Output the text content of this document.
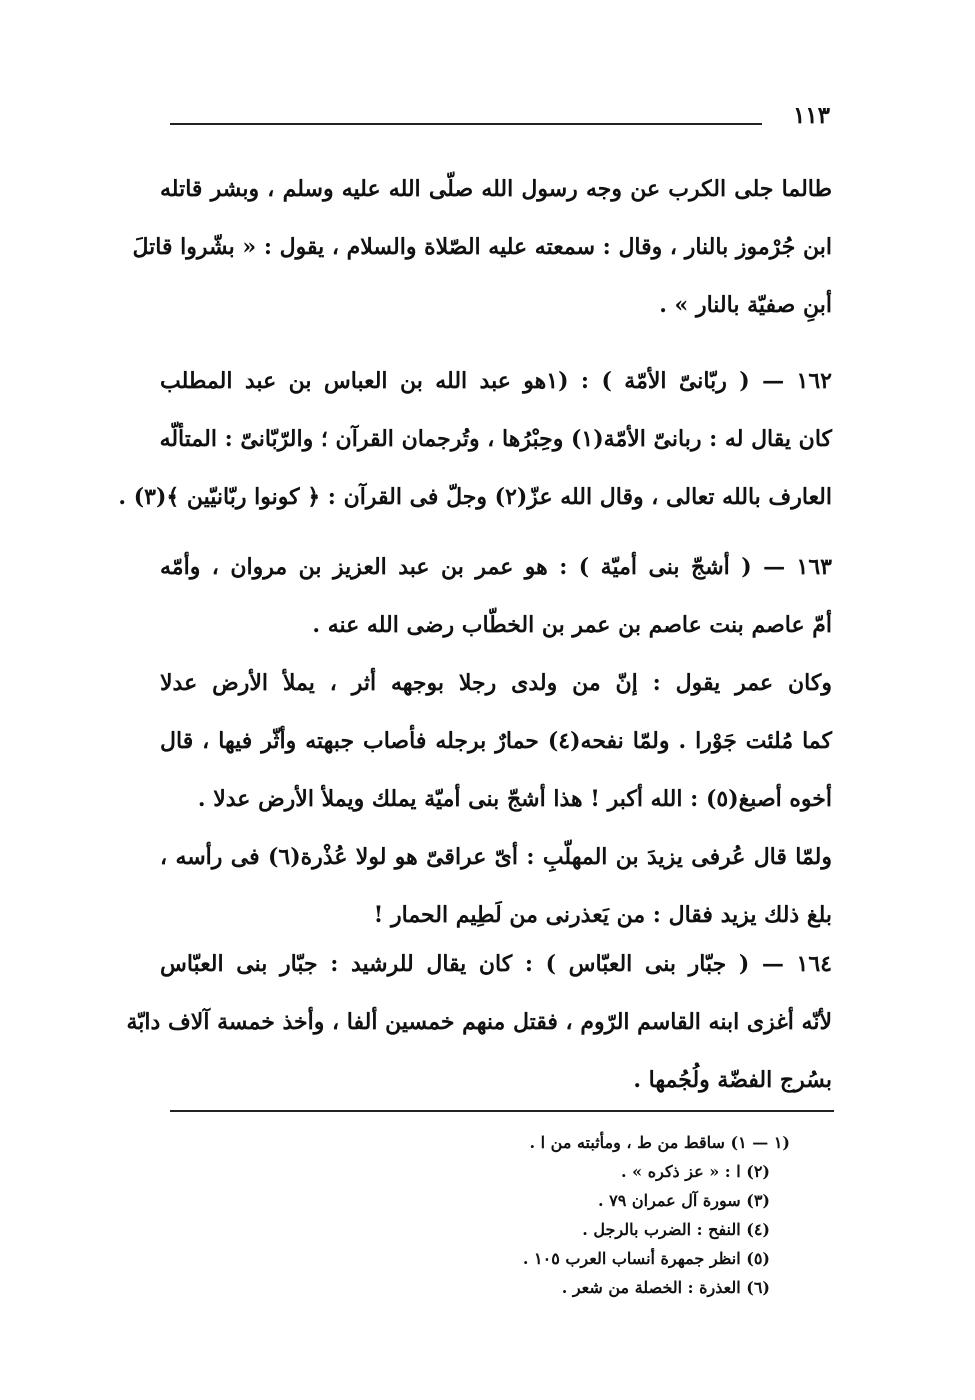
١١٣

طالما جلى الكرب عن وجه رسول الله صلّى الله عليه وسلم ، وبشر قاتله

ابن جُرْموز بالنار ، وقال : سمعته عليه الصّلاة والسلام ، يقول : « بشّروا قاتلَ

أبنِ صفيّة بالنار » .

١٦٢ — ( ربّانىّ الأمّة ) : (١هو عبد الله بن العباس بن عبد المطلب

كان يقال له : ربانىّ الأمّة(١) وحِبْرُها ، وتُرجمان القرآن ؛ والرّبّانىّ : المتألّه

العارف بالله تعالى ، وقال الله عزّ(٢) وجلّ فى القرآن : ﴿ كونوا ربّانيّين ﴾(٣) .

١٦٣ — ( أشجّ بنى أميّة ) : هو عمر بن عبد العزيز بن مروان ، وأمّه

أمّ عاصم بنت عاصم بن عمر بن الخطّاب رضى الله عنه .

وكان عمر يقول : إنّ من ولدى رجلا بوجهه أثر ، يملأ الأرض عدلا

كما مُلئت جَوْرا . ولمّا نفحه(٤) حمارٌ برجله فأصاب جبهته وأثّر فيها ، قال

أخوه أصبغ(٥) : الله أكبر ! هذا أشجّ بنى أميّة يملك ويملأ الأرض عدلا .

ولمّا قال عُرفى يزيدَ بن المهلّبِ : أىّ عراقىّ هو لولا عُذْرة(٦) فى رأسه ،

بلغ ذلك يزيد فقال : من يَعذرنى من لَطِيم الحمار !

١٦٤ — ( جبّار بنى العبّاس ) : كان يقال للرشيد : جبّار بنى العبّاس

لأنّه أغزى ابنه القاسم الرّوم ، فقتل منهم خمسين ألفا ، وأخذ خمسة آلاف دابّة

بسُرج الفضّة ولُجُمها .

(١ — ١) ساقط من ط ، ومأثبته من ا .

(٢) ا : « عز ذكره » .

(٣) سورة آل عمران ٧٩ .

(٤) النفح : الضرب بالرجل .

(٥) انظر جمهرة أنساب العرب ١٠٥ .

(٦) العذرة : الخصلة من شعر .
